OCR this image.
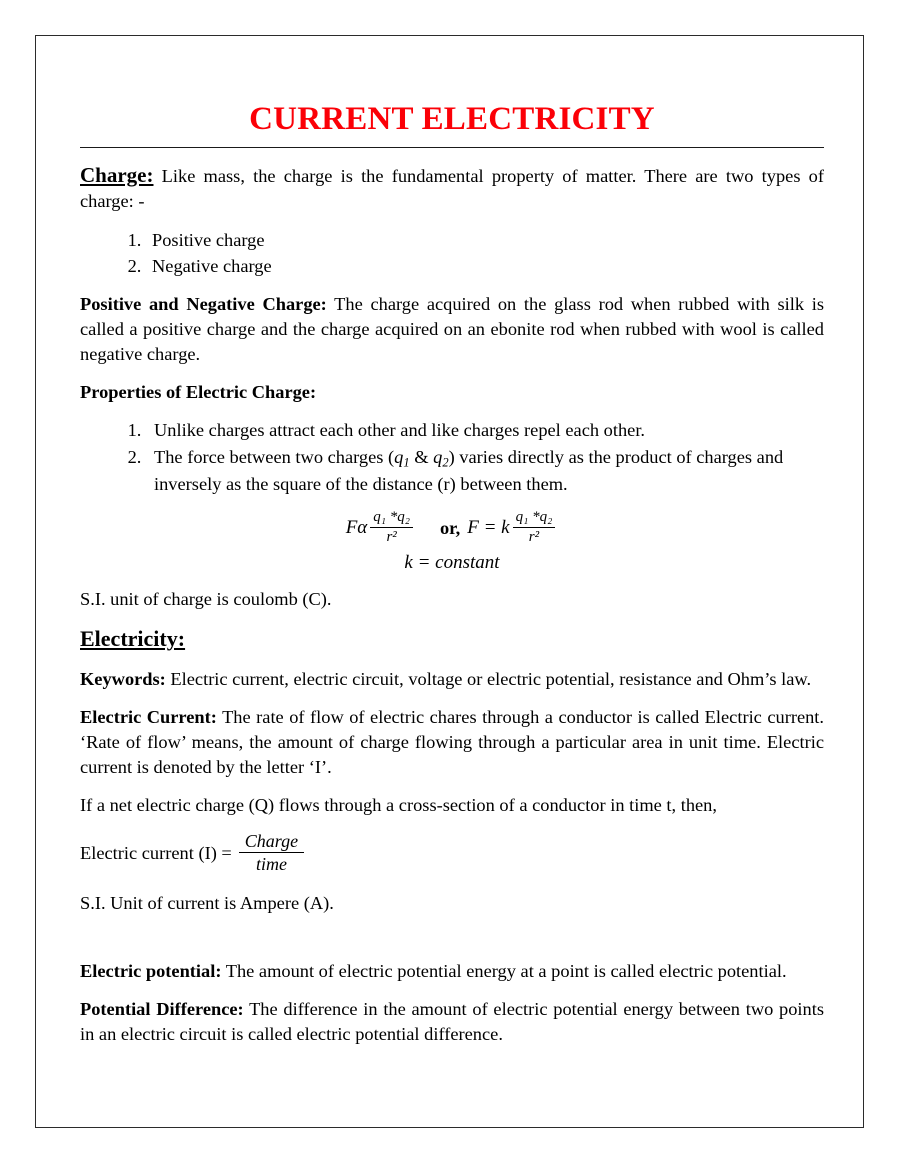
CURRENT ELECTRICITY

Charge: Like mass, the charge is the fundamental property of matter. There are two types of charge: -

1. Positive charge
2. Negative charge

Positive and Negative Charge: The charge acquired on the glass rod when rubbed with silk is called a positive charge and the charge acquired on an ebonite rod when rubbed with wool is called negative charge.

Properties of Electric Charge:

1. Unlike charges attract each other and like charges repel each other.
2. The force between two charges ($q_1$ & $q_2$) varies directly as the product of charges and inversely as the square of the distance (r) between them.
Fα $\frac{\text{q₁ *q₂}}{\text{r²}}$ or, F = k $\frac{\text{q₁ *q₂}}{\text{r²}}$
k = constant

S.I. unit of charge is coulomb (C).

Electricity:

Keywords: Electric current, electric circuit, voltage or electric potential, resistance and Ohm’s law.

Electric Current: The rate of flow of electric chares through a conductor is called Electric current. ‘Rate of flow’ means, the amount of charge flowing through a particular area in unit time. Electric current is denoted by the letter ‘I’.

If a net electric charge (Q) flows through a cross-section of a conductor in time t, then,

Electric current $(I) = \frac{\text{Charge}}{\text{time}}$

S.I. Unit of current is Ampere (A).

Electric potential: The amount of electric potential energy at a point is called electric potential.

Potential Difference: The difference in the amount of electric potential energy between two points in an electric circuit is called electric potential difference.
